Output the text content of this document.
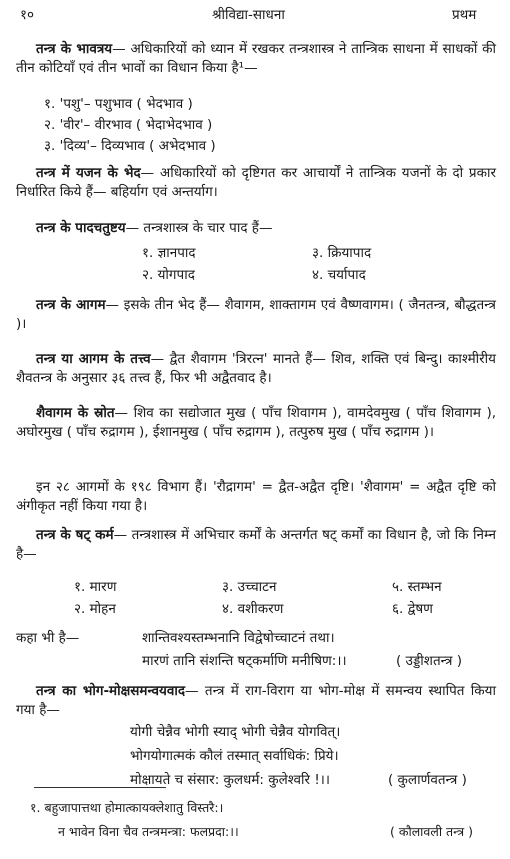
१०	श्रीविद्या-साधना	प्रथम
तन्त्र के भावत्रय— अधिकारियों को ध्यान में रखकर तन्त्रशास्त्र ने तान्त्रिक साधना में साधकों की तीन कोटियाँ एवं तीन भावों का विधान किया है¹—
१. 'पशु'– पशुभाव ( भेदभाव )
२. 'वीर'– वीरभाव ( भेदाभेदभाव )
३. 'दिव्य'– दिव्यभाव ( अभेदभाव )
तन्त्र में यजन के भेद— अधिकारियों को दृष्टिगत कर आचार्यों ने तान्त्रिक यजनों के दो प्रकार निर्धारित किये हैं— बहिर्याग एवं अन्तर्याग।
तन्त्र के पादचतुष्टय— तन्त्रशास्त्र के चार पाद हैं—
१. ज्ञानपाद	३. क्रियापाद
२. योगपाद	४. चर्यापाद
तन्त्र के आगम— इसके तीन भेद हैं— शैवागम, शाक्तागम एवं वैष्णवागम। ( जैनतन्त्र, बौद्धतन्त्र )।
तन्त्र या आगम के तत्त्व— द्वैत शैवागम 'त्रिरत्न' मानते हैं— शिव, शक्ति एवं बिन्दु। काश्मीरीय शैवतन्त्र के अनुसार ३६ तत्त्व हैं, फिर भी अद्वैतवाद है।
शैवागम के स्रोत— शिव का सद्योजात मुख ( पाँच शिवागम ), वामदेवमुख ( पाँच शिवागम ), अघोरमुख ( पाँच रुद्रागम ), ईशानमुख ( पाँच रुद्रागम ), तत्पुरुष मुख ( पाँच रुद्रागम )।
इन २८ आगमों के १९८ विभाग हैं। 'रौद्रागम' = द्वैत-अद्वैत दृष्टि। 'शैवागम' = अद्वैत दृष्टि को अंगीकृत नहीं किया गया है।
तन्त्र के षट् कर्म— तन्त्रशास्त्र में अभिचार कर्मों के अन्तर्गत षट् कर्मों का विधान है, जो कि निम्न है—
१. मारण	३. उच्चाटन	५. स्तम्भन
२. मोहन	४. वशीकरण	६. द्वेषण
कहा भी है—	शान्तिवश्यस्तम्भनानि विद्वेषोच्चाटनं तथा।
मारणं तानि संशन्ति षट्कर्माणि मनीषिण:।।	( उड्डीशतन्त्र )
तन्त्र का भोग-मोक्षसमन्वयवाद— तन्त्र में राग-विराग या भोग-मोक्ष में समन्वय स्थापित किया गया है—
योगी चेन्नैव भोगी स्याद् भोगी चेन्नैव योगवित्।
भोगयोगात्मकं कौलं तस्मात् सर्वाधिकं: प्रिये।
मोक्षायते च संसार: कुलधर्म: कुलेश्वरि !।।	( कुलार्णवतन्त्र )
१. बहुजापात्तथा होमात्कायक्लेशातु विस्तरै:।
न भावेन विना चैव तन्त्रमन्त्रा: फलप्रदा:।।	( कौलावली तन्त्र )
